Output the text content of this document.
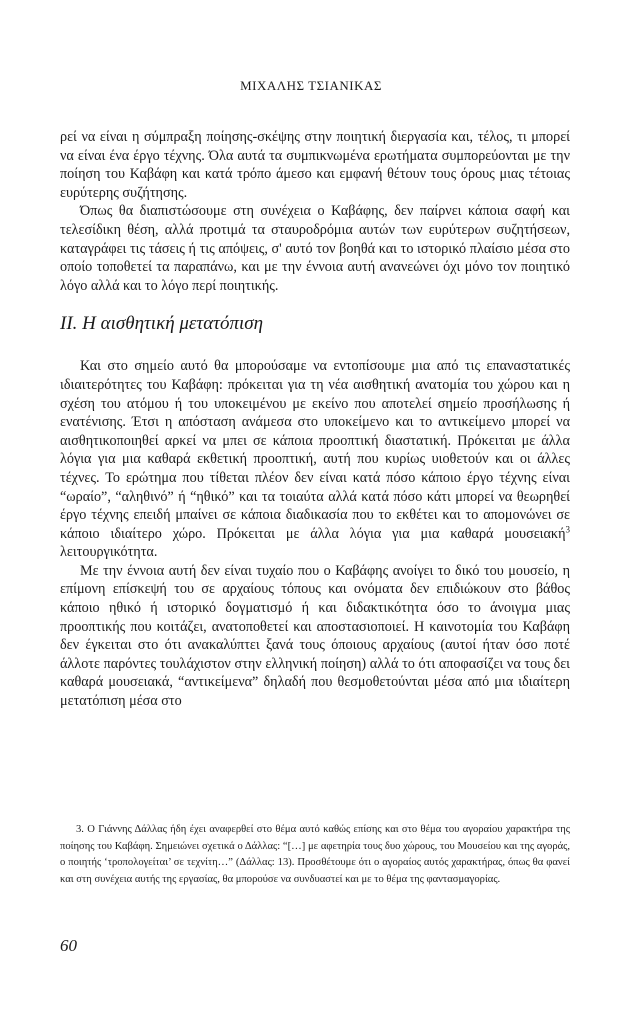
ΜΙΧΑΛΗΣ ΤΣΙΑΝΙΚΑΣ

ρεί να είναι η σύμπραξη ποίησης-σκέψης στην ποιητική διεργασία και, τέλος, τι μπορεί να είναι ένα έργο τέχνης. Όλα αυτά τα συμπικνωμένα ερωτήματα συμπορεύονται με την ποίηση του Καβάφη και κατά τρόπο άμεσο και εμφανή θέτουν τους όρους μιας τέτοιας ευρύτερης συζήτησης.

Όπως θα διαπιστώσουμε στη συνέχεια ο Καβάφης, δεν παίρνει κάποια σαφή και τελεσίδικη θέση, αλλά προτιμά τα σταυροδρόμια αυτών των ευρύτερων συζητήσεων, καταγράφει τις τάσεις ή τις απόψεις, σ' αυτό τον βοηθά και το ιστορικό πλαίσιο μέσα στο οποίο τοποθετεί τα παραπάνω, και με την έννοια αυτή ανανεώνει όχι μόνο τον ποιητικό λόγο αλλά και το λόγο περί ποιητικής.

ΙΙ. Η αισθητική μετατόπιση

Και στο σημείο αυτό θα μπορούσαμε να εντοπίσουμε μια από τις επαναστατικές ιδιαιτερότητες του Καβάφη: πρόκειται για τη νέα αισθητική ανατομία του χώρου και η σχέση του ατόμου ή του υποκειμένου με εκείνο που αποτελεί σημείο προσήλωσης ή ενατένισης. Έτσι η απόσταση ανάμεσα στο υποκείμενο και το αντικείμενο μπορεί να αισθητικοποιηθεί αρκεί να μπει σε κάποια προοπτική διαστατική. Πρόκειται με άλλα λόγια για μια καθαρά εκθετική προοπτική, αυτή που κυρίως υιοθετούν και οι άλλες τέχνες. Το ερώτημα που τίθεται πλέον δεν είναι κατά πόσο κάποιο έργο τέχνης είναι “ωραίο”, “αληθινό” ή “ηθικό” και τα τοιαύτα αλλά κατά πόσο κάτι μπορεί να θεωρηθεί έργο τέχνης επειδή μπαίνει σε κάποια διαδικασία που το εκθέτει και το απομονώνει σε κάποιο ιδιαίτερο χώρο. Πρόκειται με άλλα λόγια για μια καθαρά μουσειακή$^3$ λειτουργικότητα.

Με την έννοια αυτή δεν είναι τυχαίο που ο Καβάφης ανοίγει το δικό του μουσείο, η επίμονη επίσκεψή του σε αρχαίους τόπους και ονόματα δεν επιδιώκουν στο βάθος κάποιο ηθικό ή ιστορικό δογματισμό ή και διδακτικότητα όσο το άνοιγμα μιας προοπτικής που κοιτάζει, ανατοποθετεί και αποστασιοποιεί. Η καινοτομία του Καβάφη δεν έγκειται στο ότι ανακαλύπτει ξανά τους όποιους αρχαίους (αυτοί ήταν όσο ποτέ άλλοτε παρόντες τουλάχιστον στην ελληνική ποίηση) αλλά το ότι αποφασίζει να τους δει καθαρά μουσειακά, “αντικείμενα” δηλαδή που θεσμοθετούνται μέσα από μια ιδιαίτερη μετατόπιση μέσα στο

3. Ο Γιάννης Δάλλας ήδη έχει αναφερθεί στο θέμα αυτό καθώς επίσης και στο θέμα του αγοραίου χαρακτήρα της ποίησης του Καβάφη. Σημειώνει σχετικά ο Δάλλας: “[…] με αφετηρία τους δυο χώρους, του Μουσείου και της αγοράς, ο ποιητής ‘τροπολογείται’ σε τεχνίτη…” (Δάλλας: 13). Προσθέτουμε ότι ο αγοραίος αυτός χαρακτήρας, όπως θα φανεί και στη συνέχεια αυτής της εργασίας, θα μπορούσε να συνδυαστεί και με το θέμα της φαντασμαγορίας.
60
